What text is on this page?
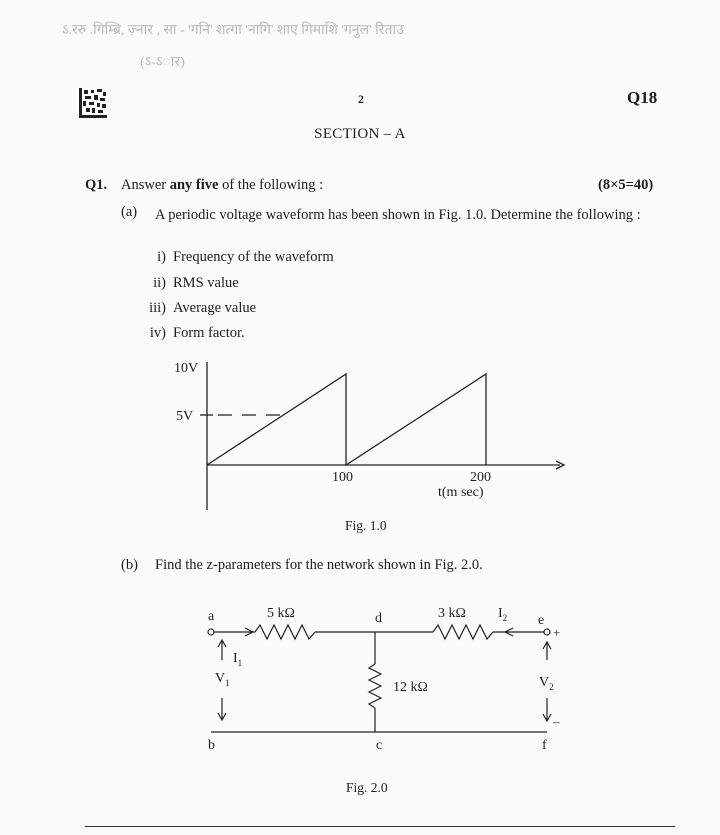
ऽ.ररु .गिम्ब्रि, ज़्नार , सा - 'गनि' शत्गा 'नागि' शाए गिमाशि 'गनुल' रिताउ
(ऽ-ऽार)
2	Q18
SECTION – A
Q1. Answer any five of the following :	(8×5=40)
(a) A periodic voltage waveform has been shown in Fig. 1.0. Determine the following :
i) Frequency of the waveform
ii) RMS value
iii) Average value
iv) Form factor.
10V
5V
100	200
t(m sec)
Fig. 1.0
(b) Find the z-parameters for the network shown in Fig. 2.0.
a
b	c
d	e
f
5 kΩ	3 kΩ
12 kΩ
$I_1$
$I_2$
$V_1$	$V_2$
+
–
Fig. 2.0
